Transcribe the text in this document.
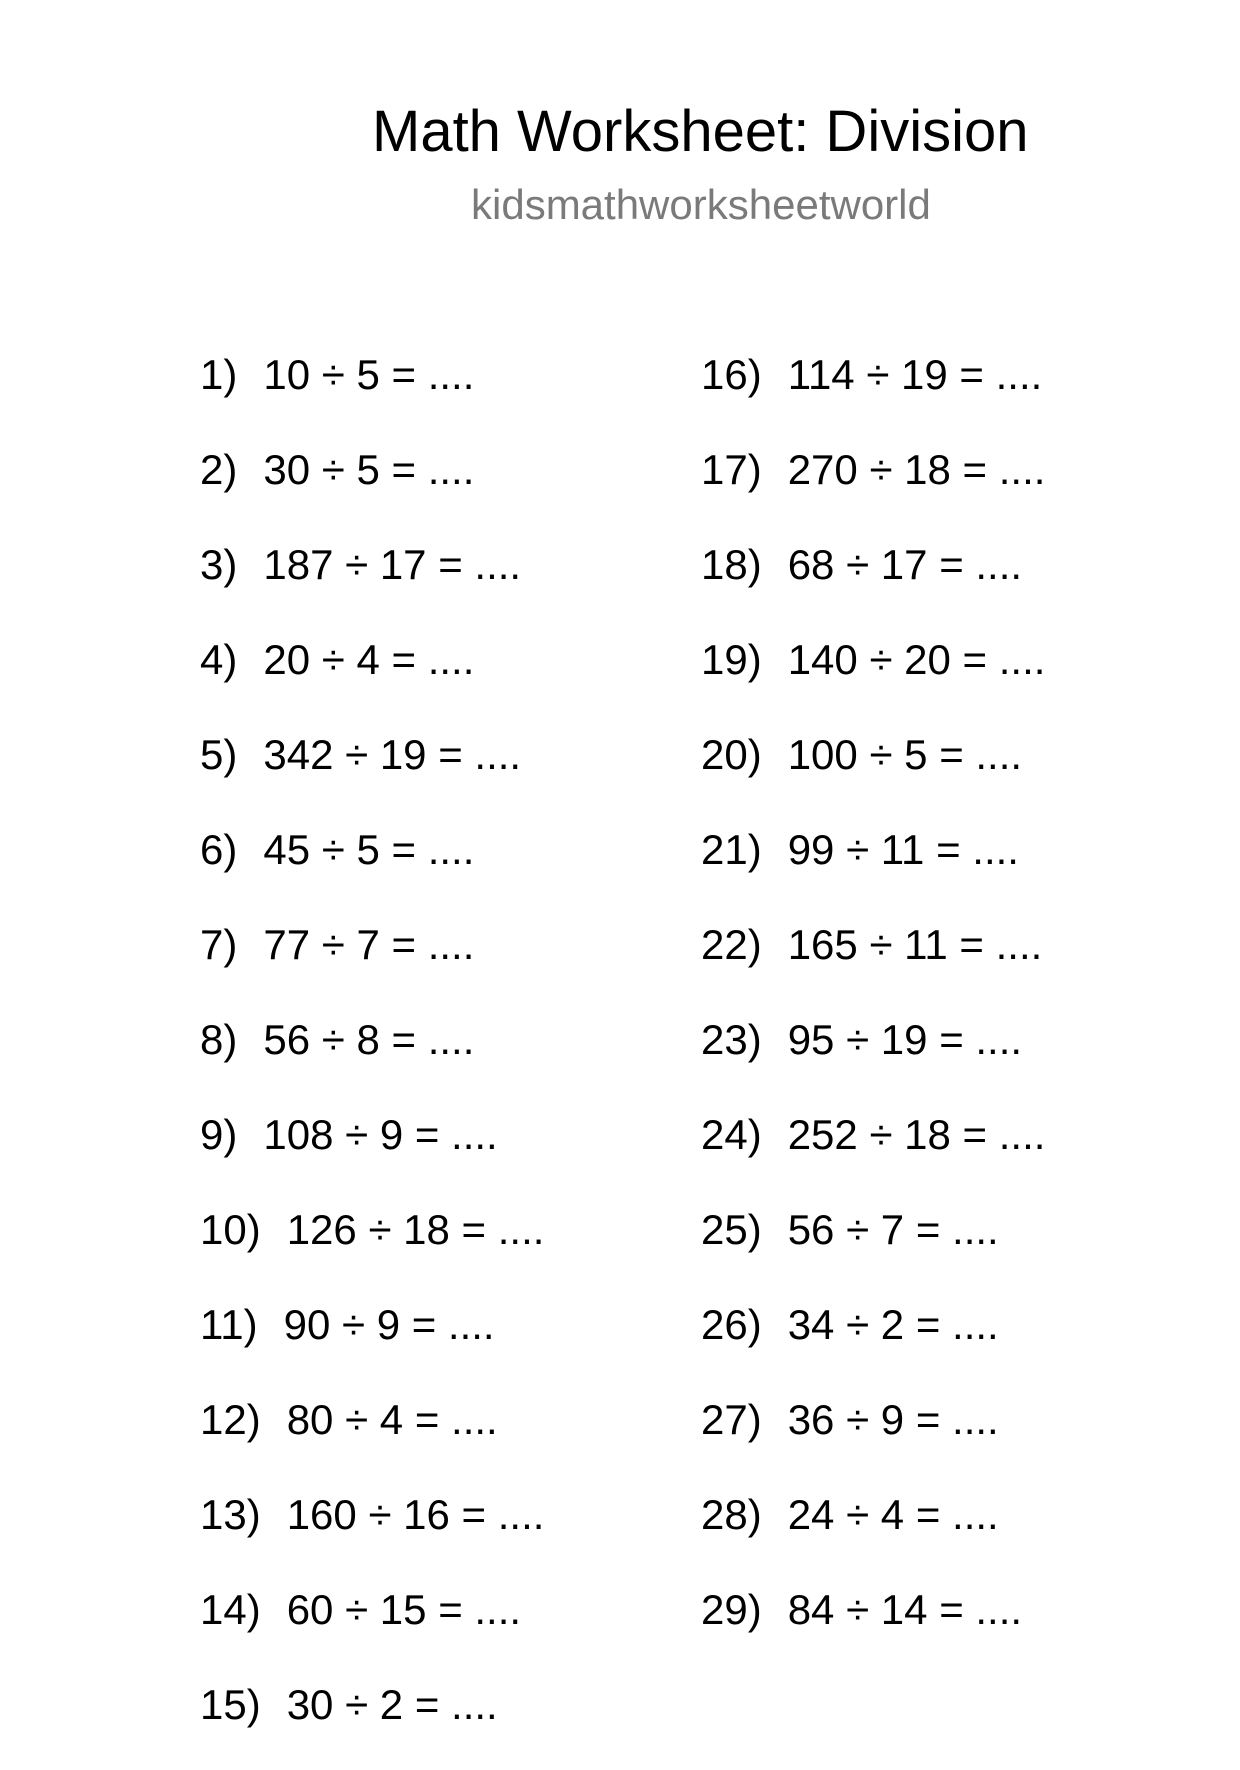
Math Worksheet: Division
kidsmathworksheetworld
1) 10 ÷ 5 = ....
2) 30 ÷ 5 = ....
3) 187 ÷ 17 = ....
4) 20 ÷ 4 = ....
5) 342 ÷ 19 = ....
6) 45 ÷ 5 = ....
7) 77 ÷ 7 = ....
8) 56 ÷ 8 = ....
9) 108 ÷ 9 = ....
10) 126 ÷ 18 = ....
11) 90 ÷ 9 = ....
12) 80 ÷ 4 = ....
13) 160 ÷ 16 = ....
14) 60 ÷ 15 = ....
15) 30 ÷ 2 = ....
16) 114 ÷ 19 = ....
17) 270 ÷ 18 = ....
18) 68 ÷ 17 = ....
19) 140 ÷ 20 = ....
20) 100 ÷ 5 = ....
21) 99 ÷ 11 = ....
22) 165 ÷ 11 = ....
23) 95 ÷ 19 = ....
24) 252 ÷ 18 = ....
25) 56 ÷ 7 = ....
26) 34 ÷ 2 = ....
27) 36 ÷ 9 = ....
28) 24 ÷ 4 = ....
29) 84 ÷ 14 = ....
